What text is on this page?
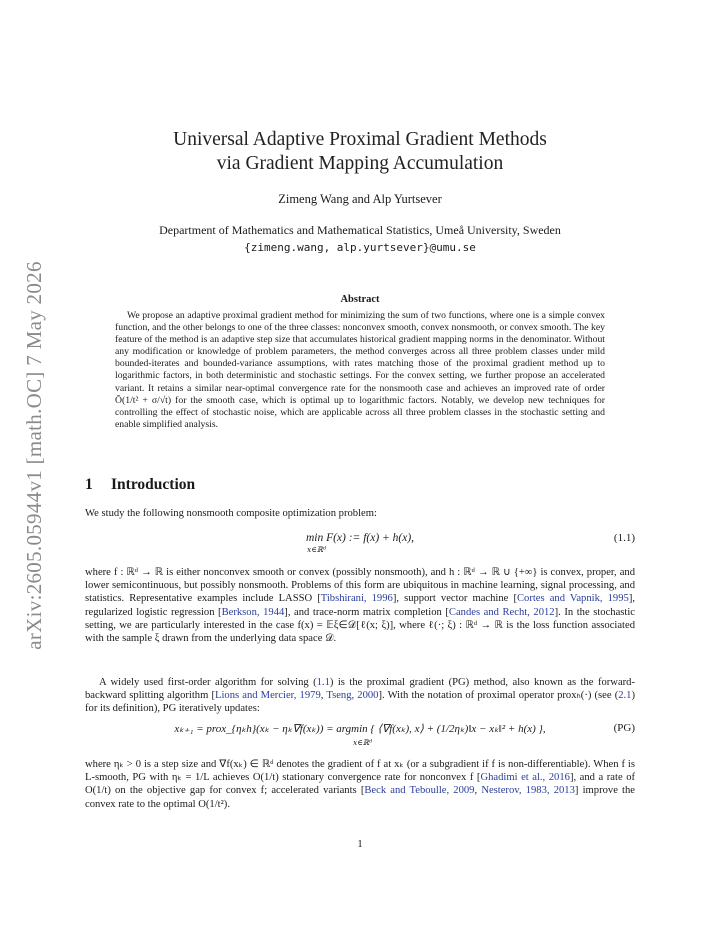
arXiv:2605.05944v1 [math.OC] 7 May 2026
Universal Adaptive Proximal Gradient Methods
via Gradient Mapping Accumulation
Zimeng Wang and Alp Yurtsever
Department of Mathematics and Mathematical Statistics, Umeå University, Sweden
{zimeng.wang, alp.yurtsever}@umu.se
Abstract
We propose an adaptive proximal gradient method for minimizing the sum of two functions, where one is a simple convex function, and the other belongs to one of the three classes: nonconvex smooth, convex nonsmooth, or convex smooth. The key feature of the method is an adaptive step size that accumulates historical gradient mapping norms in the denominator. Without any modification or knowledge of problem parameters, the method converges across all three problem classes under mild bounded-iterates and bounded-variance assumptions, with rates matching those of the proximal gradient method up to logarithmic factors, in both deterministic and stochastic settings. For the convex setting, we further propose an accelerated variant. It retains a similar near-optimal convergence rate for the nonsmooth case and achieves an improved rate of order Õ(1/t² + σ/√t) for the smooth case, which is optimal up to logarithmic factors. Notably, we develop new techniques for controlling the effect of stochastic noise, which are applicable across all three problem classes in the stochastic setting and enable simplified analysis.
1 Introduction
We study the following nonsmooth composite optimization problem:
min F(x) := f(x) + h(x),
x∈ℝᵈ
(1.1)
where f : ℝᵈ → ℝ is either nonconvex smooth or convex (possibly nonsmooth), and h : ℝᵈ → ℝ ∪ {+∞} is convex, proper, and lower semicontinuous, but possibly nonsmooth. Problems of this form are ubiquitous in machine learning, signal processing, and statistics. Representative examples include LASSO [Tibshirani, 1996], support vector machine [Cortes and Vapnik, 1995], regularized logistic regression [Berkson, 1944], and trace-norm matrix completion [Candes and Recht, 2012]. In the stochastic setting, we are particularly interested in the case f(x) = 𝔼ξ∈𝒟[ℓ(x; ξ)], where ℓ(·; ξ) : ℝᵈ → ℝ is the loss function associated with the sample ξ drawn from the underlying data space 𝒟.
A widely used first-order algorithm for solving (1.1) is the proximal gradient (PG) method, also known as the forward-backward splitting algorithm [Lions and Mercier, 1979, Tseng, 2000]. With the notation of proximal operator proxₕ(·) (see (2.1) for its definition), PG iteratively updates:
xₖ₊₁ = prox_{ηₖh}(xₖ − ηₖ∇f(xₖ)) = argmin { ⟨∇f(xₖ), x⟩ + (1/2ηₖ)‖x − xₖ‖² + h(x) },
x∈ℝᵈ
(PG)
where ηₖ > 0 is a step size and ∇f(xₖ) ∈ ℝᵈ denotes the gradient of f at xₖ (or a subgradient if f is non-differentiable). When f is L-smooth, PG with ηₖ = 1/L achieves O(1/t) stationary convergence rate for nonconvex f [Ghadimi et al., 2016], and a rate of O(1/t) on the objective gap for convex f; accelerated variants [Beck and Teboulle, 2009, Nesterov, 1983, 2013] improve the convex rate to the optimal O(1/t²).
1
